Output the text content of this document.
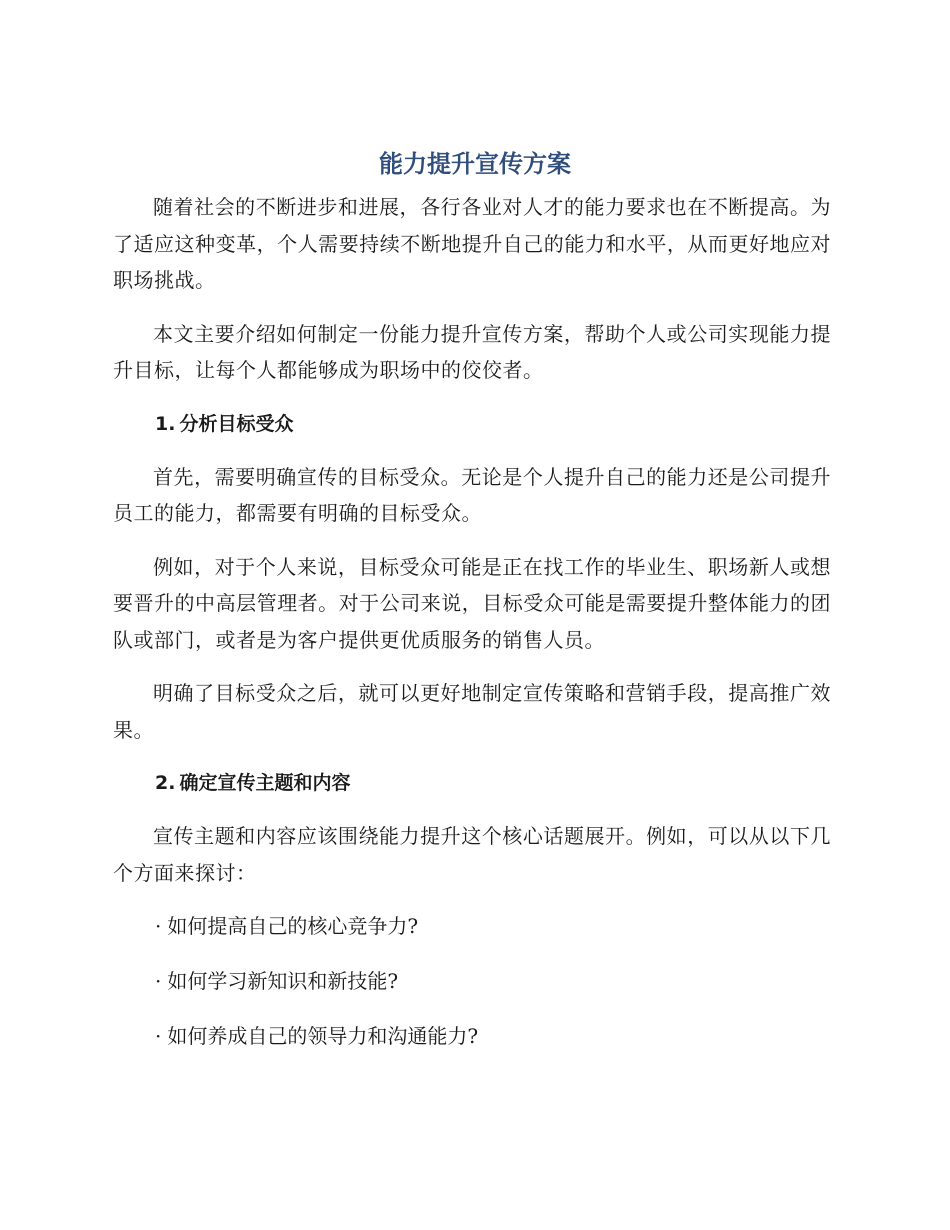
能力提升宣传方案

随着社会的不断进步和进展，各行各业对人才的能力要求也在不断提高。为了适应这种变革，个人需要持续不断地提升自己的能力和水平，从而更好地应对职场挑战。

本文主要介绍如何制定一份能力提升宣传方案，帮助个人或公司实现能力提升目标，让每个人都能够成为职场中的佼佼者。

1. 分析目标受众

首先，需要明确宣传的目标受众。无论是个人提升自己的能力还是公司提升员工的能力，都需要有明确的目标受众。

例如，对于个人来说，目标受众可能是正在找工作的毕业生、职场新人或想要晋升的中高层管理者。对于公司来说，目标受众可能是需要提升整体能力的团队或部门，或者是为客户提供更优质服务的销售人员。

明确了目标受众之后，就可以更好地制定宣传策略和营销手段，提高推广效果。

2. 确定宣传主题和内容

宣传主题和内容应该围绕能力提升这个核心话题展开。例如，可以从以下几个方面来探讨：

· 如何提高自己的核心竞争力?
· 如何学习新知识和新技能?
· 如何养成自己的领导力和沟通能力?
